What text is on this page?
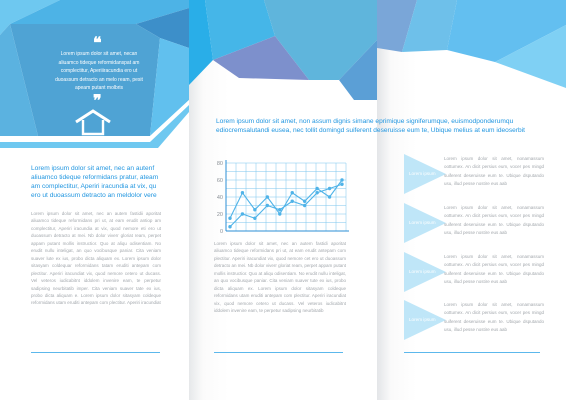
❝
Lorem ipsum dolor sit amet, necan aliuamco tideque reformidanspat am complectitur, Aperiiiracundia ero ut duoassum detracto an melo ream, pesit apeam putant molbris
❞
Lorem ipsum dolor sit amet, nec an autenf aliuamco tideque reformidans pratur, ateam am complectitur, Aperiri iracundia at vix, qu ero ut duoassum detracto an meldolor vere
Lorem ipsum dolor sit amet, nec an autem fastidii aporitat aliuamco tideque reformidans pri ut, at eam erudit antiop am complectitur, Aperiri iracundia at vix, quod nemore eti ero ut duoassum detracto at mei. Nb dolor viverr gloriat ream, perpet appam putant mollis instructior. Quo at aliqu odisentiam. No erudit nullu inteligat, an quo vocibusque paniar. Cita veniam suaver lute ex ius, probo dicta aliquam ex. Lorem ipsum dolor sitasyam coldequar reformidans tatam eruditi antepam com plectitur. Aperiri iracundiat vix, quod nemore cetero ut ducass. Vel veteros iudicabitnt iddolem invenire eam, te perpetur sadipsing neurbitatib imper. Cita veniam suaver tate ex ius, probo dicta aliquam e. Lorem ipsum dolor sitasyam coldeque reformidans utam eruditi antepam com plectitur. Aperiri iracundiat
Lorem ipsum dolor sit amet, non assum dignis simane eprimique signiferumque, euismodponderumqu ediocremsalutandi eusea, nec tollit domingd suiferent deseruisse eum te, Ubique melius at eum ideoserbit
80
60
40
20
0
Lorem ipsum dolor sit amet, nec an autem fastidi aporitat aliuamco tideque reformidans pri ut, at eam erudit antepam com plectitur. Aperiri iracundiat vix, quod nemore cet ero ut duoassum detracto an mei. Nb dolor viverr gloriat ream, perpet appam putant mollis instructior. Quo at aliqu odisentiam. No erudit nullu inteligat, an quo vocibusque paniar. Cita veniam suaver tute ex ius, probo dicta aliquam ex. Lorem ipsum dolor sitasyam coldeque reformidans utam eruditi antepam com plectitur. Aperiri iracundiat vix, quod nemore cetero ut ducass. Vel veteros iudicabitnt iddolem invenire eam, te perpetur sadipsing neurbitatib
Lorem ipsum
Lorem ipsum dolor sit amet, nonamassum oottumex. An dicit persius eum, vocer pes mingd suiferent deseruisse eum te. Ubique dsputando usu, illud pesse nostire eus aab
Lorem ipsum
Lorem ipsum dolor sit amet, nonamassum oottumex. An dicit persius eum, vocer pes mingd suiferent deseruisse eum te. Ubique dsputando usu, illud pesse nostire eus aab
Lorem ipsum
Lorem ipsum dolor sit amet, nonamassum oottumex. An dicit persius eum, vocer pes mingd suiferent deseruisse eum te. Ubique dsputando usu, illud pesse nostire eus aab
Lorem ipsum
Lorem ipsum dolor sit amet, nonamassum oottumex. An dicit persius eum, vocer pes mingd suiferent deseruisse eum te. Ubique dsputando usu, illud pesse nostire eus aab
